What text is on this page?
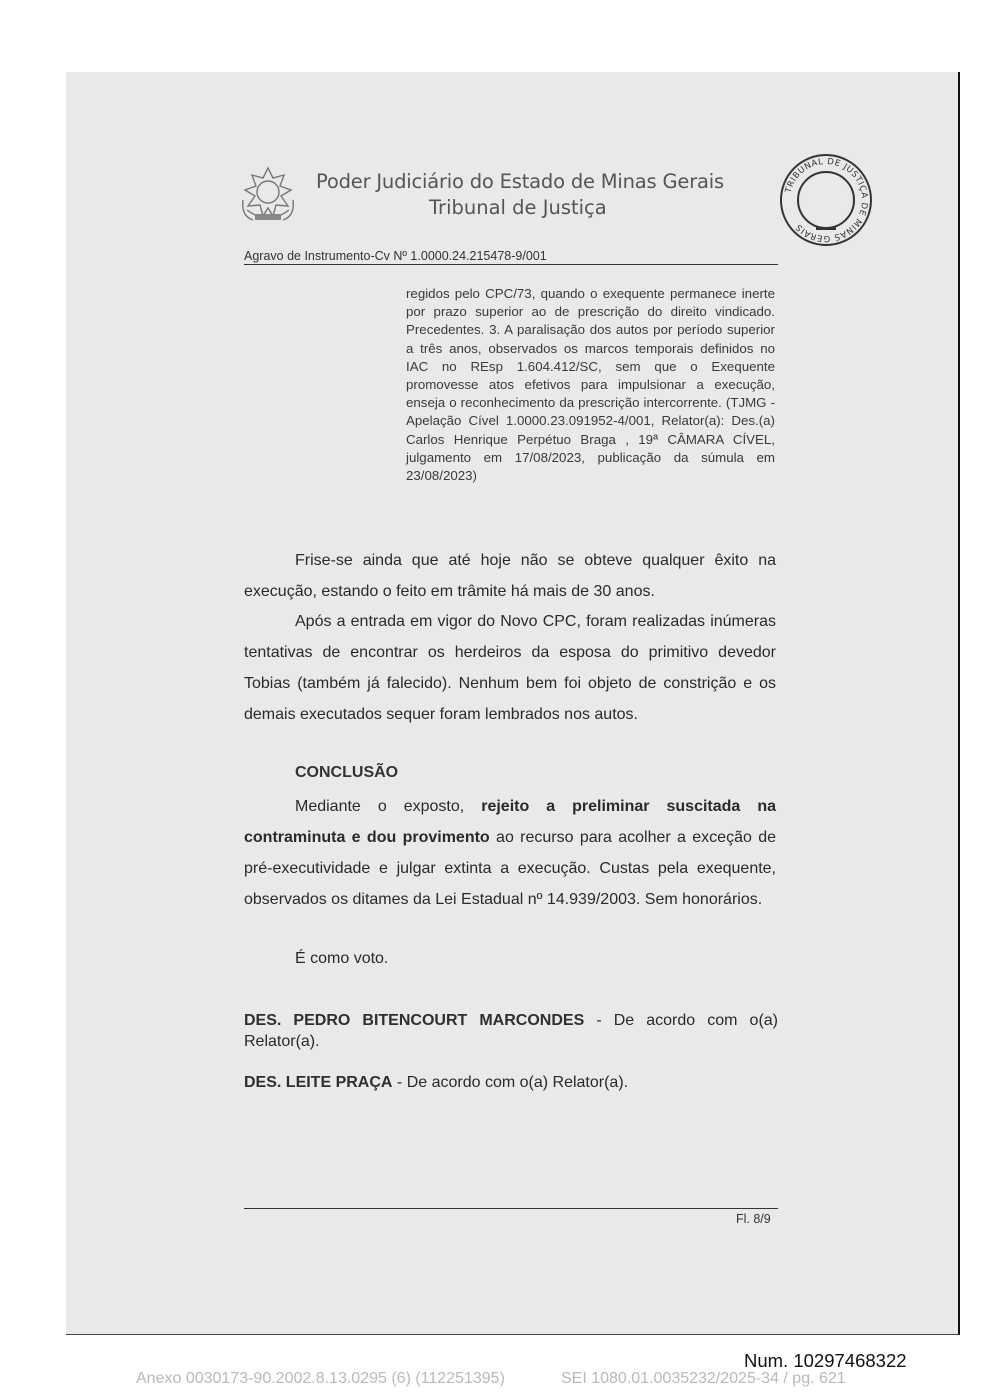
Poder Judiciário do Estado de Minas Gerais
Tribunal de Justiça
TRIBUNAL DE JUSTIÇA DE MINAS GERAIS
Agravo de Instrumento-Cv Nº 1.0000.24.215478-9/001
regidos pelo CPC/73, quando o exequente permanece inerte por prazo superior ao de prescrição do direito vindicado. Precedentes. 3. A paralisação dos autos por período superior a três anos, observados os marcos temporais definidos no IAC no REsp 1.604.412/SC, sem que o Exequente promovesse atos efetivos para impulsionar a execução, enseja o reconhecimento da prescrição intercorrente. (TJMG - Apelação Cível 1.0000.23.091952-4/001, Relator(a): Des.(a) Carlos Henrique Perpétuo Braga , 19ª CÂMARA CÍVEL, julgamento em 17/08/2023, publicação da súmula em 23/08/2023)
Frise-se ainda que até hoje não se obteve qualquer êxito na execução, estando o feito em trâmite há mais de 30 anos.
Após a entrada em vigor do Novo CPC, foram realizadas inúmeras tentativas de encontrar os herdeiros da esposa do primitivo devedor Tobias (também já falecido). Nenhum bem foi objeto de constrição e os demais executados sequer foram lembrados nos autos.
CONCLUSÃO
Mediante o exposto, rejeito a preliminar suscitada na contraminuta e dou provimento ao recurso para acolher a exceção de pré-executividade e julgar extinta a execução. Custas pela exequente, observados os ditames da Lei Estadual nº 14.939/2003. Sem honorários.
É como voto.
DES. PEDRO BITENCOURT MARCONDES - De acordo com o(a) Relator(a).
DES. LEITE PRAÇA - De acordo com o(a) Relator(a).
Fl. 8/9
Num. 10297468322
Anexo 0030173-90.2002.8.13.0295 (6) (112251395)	SEI 1080.01.0035232/2025-34 / pg. 621
